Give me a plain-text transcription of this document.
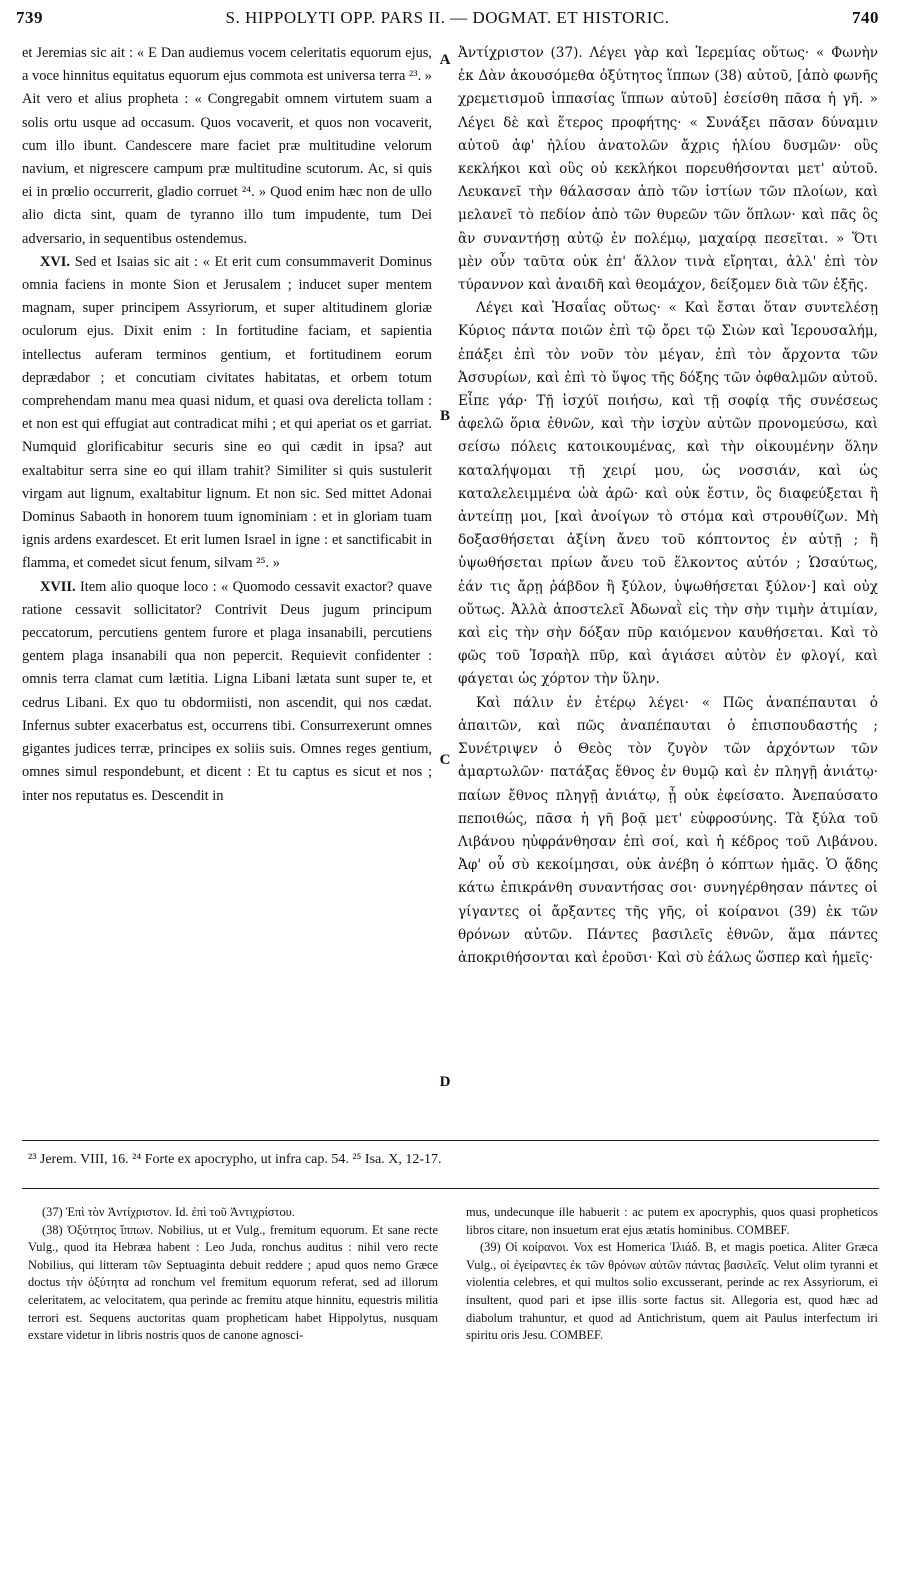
739	S. HIPPOLYTI OPP. PARS II. — DOGMAT. ET HISTORIC.	740

et Jeremias sic ait : « E Dan audiemus vocem celeritatis equorum ejus, a voce hinnitus equitatus equorum ejus commota est universa terra ²³. » Ait vero et alius propheta : « Congregabit omnem virtutem suam a solis ortu usque ad occasum. Quos vocaverit, et quos non vocaverit, cum illo ibunt. Candescere mare faciet præ multitudine velorum navium, et nigrescere campum præ multitudine scutorum. Ac, si quis ei in prœlio occurrerit, gladio corruet ²⁴. » Quod enim hæc non de ullo alio dicta sint, quam de tyranno illo tum impudente, tum Dei adversario, in sequentibus ostendemus.

XVI. Sed et Isaias sic ait : « Et erit cum consummaverit Dominus omnia faciens in monte Sion et Jerusalem ; inducet super mentem magnam, super principem Assyriorum, et super altitudinem gloriæ oculorum ejus. Dixit enim : In fortitudine faciam, et sapientia intellectus auferam terminos gentium, et fortitudinem eorum deprædabor ; et concutiam civitates habitatas, et orbem totum comprehendam manu mea quasi nidum, et quasi ova derelicta tollam : et non est qui effugiat aut contradicat mihi ; et qui aperiat os et garriat. Numquid glorificabitur securis sine eo qui cædit in ipsa? aut exaltabitur serra sine eo qui illam trahit? Similiter si quis sustulerit virgam aut lignum, exaltabitur lignum. Et non sic. Sed mittet Adonai Dominus Sabaoth in honorem tuum ignominiam : et in gloriam tuam ignis ardens exardescet. Et erit lumen Israel in igne : et sanctificabit in flamma, et comedet sicut fenum, silvam ²⁵. »

XVII. Item alio quoque loco : « Quomodo cessavit exactor? quave ratione cessavit sollicitator? Contrivit Deus jugum principum peccatorum, percutiens gentem furore et plaga insanabili, percutiens gentem plaga insanabili qua non pepercit. Requievit confidenter : omnis terra clamat cum lætitia. Ligna Libani lætata sunt super te, et cedrus Libani. Ex quo tu obdormiisti, non ascendit, qui nos cædat. Infernus subter exacerbatus est, occurrens tibi. Consurrexerunt omnes gigantes judices terræ, principes ex soliis suis. Omnes reges gentium, omnes simul respondebunt, et dicent : Et tu captus es sicut et nos ; inter nos reputatus es. Descendit in

A
B
C
D

Ἀντίχριστον (37). Λέγει γὰρ καὶ Ἱερεμίας οὕτως· « Φωνὴν ἐκ Δὰν ἀκουσόμεθα ὀξύτητος ἵππων (38) αὐτοῦ, [ἀπὸ φωνῆς χρεμετισμοῦ ἱππασίας ἵππων αὐτοῦ] ἐσείσθη πᾶσα ἡ γῆ. » Λέγει δὲ καὶ ἕτερος προφήτης· « Συνάξει πᾶσαν δύναμιν αὐτοῦ ἀφ' ἡλίου ἀνατολῶν ἄχρις ἡλίου δυσμῶν· οὓς κεκλήκοι καὶ οὓς οὐ κεκλήκοι πορευθήσονται μετ' αὐτοῦ. Λευκανεῖ τὴν θάλασσαν ἀπὸ τῶν ἱστίων τῶν πλοίων, καὶ μελανεῖ τὸ πεδίον ἀπὸ τῶν θυρεῶν τῶν ὅπλων· καὶ πᾶς ὃς ἂν συναντήσῃ αὐτῷ ἐν πολέμῳ, μαχαίρᾳ πεσεῖται. » Ὅτι μὲν οὖν ταῦτα οὐκ ἐπ' ἄλλον τινὰ εἴρηται, ἀλλ' ἐπὶ τὸν τύραννον καὶ ἀναιδῆ καὶ θεομάχον, δείξομεν διὰ τῶν ἑξῆς.

Λέγει καὶ Ἡσαΐας οὕτως· « Καὶ ἔσται ὅταν συντελέσῃ Κύριος πάντα ποιῶν ἐπὶ τῷ ὄρει τῷ Σιὼν καὶ Ἱερουσαλήμ, ἐπάξει ἐπὶ τὸν νοῦν τὸν μέγαν, ἐπὶ τὸν ἄρχοντα τῶν Ἀσσυρίων, καὶ ἐπὶ τὸ ὕψος τῆς δόξης τῶν ὀφθαλμῶν αὐτοῦ. Εἶπε γάρ· Τῇ ἰσχύϊ ποιήσω, καὶ τῇ σοφίᾳ τῆς συνέσεως ἀφελῶ ὅρια ἐθνῶν, καὶ τὴν ἰσχὺν αὐτῶν προνομεύσω, καὶ σείσω πόλεις κατοικουμένας, καὶ τὴν οἰκουμένην ὅλην καταλήψομαι τῇ χειρί μου, ὡς νοσσιάν, καὶ ὡς καταλελειμμένα ὠὰ ἀρῶ· καὶ οὐκ ἔστιν, ὃς διαφεύξεται ἢ ἀντείπῃ μοι, [καὶ ἀνοίγων τὸ στόμα καὶ στρουθίζων. Μὴ δοξασθήσεται ἀξίνη ἄνευ τοῦ κόπτοντος ἐν αὐτῇ ; ἢ ὑψωθήσεται πρίων ἄνευ τοῦ ἕλκοντος αὐτόν ; Ὡσαύτως, ἐάν τις ἄρῃ ῥάβδον ἢ ξύλον, ὑψωθήσεται ξύλον·] καὶ οὐχ οὕτως. Ἀλλὰ ἀποστελεῖ Ἀδωναῒ εἰς τὴν σὴν τιμὴν ἀτιμίαν, καὶ εἰς τὴν σὴν δόξαν πῦρ καιόμενον καυθήσεται. Καὶ τὸ φῶς τοῦ Ἰσραὴλ πῦρ, καὶ ἁγιάσει αὐτὸν ἐν φλογί, καὶ φάγεται ὡς χόρτον τὴν ὕλην.

Καὶ πάλιν ἐν ἑτέρῳ λέγει· « Πῶς ἀναπέπαυται ὁ ἀπαιτῶν, καὶ πῶς ἀναπέπαυται ὁ ἐπισπουδαστής ; Συνέτριψεν ὁ Θεὸς τὸν ζυγὸν τῶν ἀρχόντων τῶν ἁμαρτωλῶν· πατάξας ἔθνος ἐν θυμῷ καὶ ἐν πληγῇ ἀνιάτῳ· παίων ἔθνος πληγῇ ἀνιάτῳ, ᾗ οὐκ ἐφείσατο. Ἀνεπαύσατο πεποιθώς, πᾶσα ἡ γῆ βοᾷ μετ' εὐφροσύνης. Τὰ ξύλα τοῦ Λιβάνου ηὐφράνθησαν ἐπὶ σοί, καὶ ἡ κέδρος τοῦ Λιβάνου. Ἀφ' οὗ σὺ κεκοίμησαι, οὐκ ἀνέβη ὁ κόπτων ἡμᾶς. Ὁ ᾅδης κάτω ἐπικράνθη συναντήσας σοι· συνηγέρθησαν πάντες οἱ γίγαντες οἱ ἄρξαντες τῆς γῆς, οἱ κοίρανοι (39) ἐκ τῶν θρόνων αὐτῶν. Πάντες βασιλεῖς ἐθνῶν, ἅμα πάντες ἀποκριθήσονται καὶ ἐροῦσι· Καὶ σὺ ἑάλως ὥσπερ καὶ ἡμεῖς·

²³ Jerem. VIII, 16. ²⁴ Forte ex apocrypho, ut infra cap. 54. ²⁵ Isa. X, 12-17.

(37) Ἐπὶ τὸν Ἀντίχριστον. Id. ἐπὶ τοῦ Ἀντιχρίστου.

(38) Ὀξύτητος ἵππων. Nobilius, ut et Vulg., fremitum equorum. Et sane recte Vulg., quod ita Hebræa habent : Leo Juda, ronchus auditus : nihil vero recte Nobilius, qui litteram τῶν Septuaginta debuit reddere ; apud quos nemo Græce doctus τὴν ὀξύτητα ad ronchum vel fremitum equorum referat, sed ad illorum celeritatem, ac velocitatem, qua perinde ac fremitu atque hinnitu, equestris militia terrori est. Sequens auctoritas quam propheticam habet Hippolytus, nusquam exstare videtur in libris nostris quos de canone agnosci-

mus, undecunque ille habuerit : ac putem ex apocryphis, quos quasi propheticos libros citare, non insuetum erat ejus ætatis hominibus. COMBEF.

(39) Οἱ κοίρανοι. Vox est Homerica Ἰλιάδ. Β, et magis poetica. Aliter Græca Vulg., οἱ ἐγείραντες ἐκ τῶν θρόνων αὐτῶν πάντας βασιλεῖς. Velut olim tyranni et violentia celebres, et qui multos solio excusserant, perinde ac rex Assyriorum, ei insultent, quod pari et ipse illis sorte factus sit. Allegoria est, quod hæc ad diabolum trahuntur, et quod ad Antichristum, quem ait Paulus interfectum iri spiritu oris Jesu. COMBEF.
